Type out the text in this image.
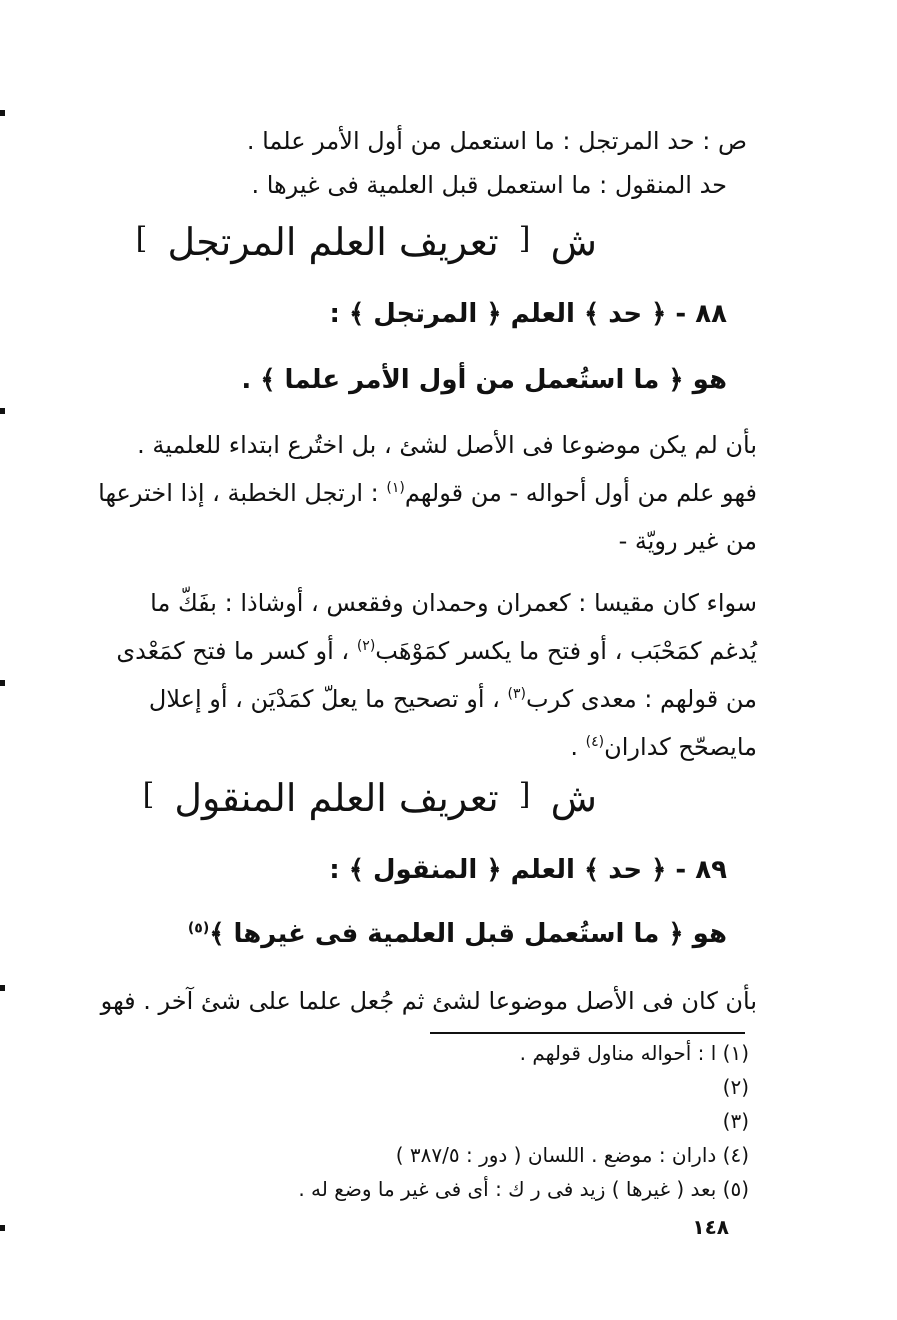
ص : حد المرتجل : ما استعمل من أول الأمر علما .
حد المنقول : ما استعمل قبل العلمية فى غيرها .
ش [ تعريف العلم المرتجل ]
٨٨ - ﴿ حد ﴾ العلم ﴿ المرتجل ﴾ :
هو ﴿ ما استُعمل من أول الأمر علما ﴾ .
بأن لم يكن موضوعا فى الأصل لشئ ، بل اختُرع ابتداء للعلمية .
فهو علم من أول أحواله - من قولهم$^{(١)}$ : ارتجل الخطبة ، إذا اخترعها
من غير رويّة -
سواء كان مقيسا : كعمران وحمدان وفقعس ، أوشاذا : بفَكّ ما
يُدغم كمَحْبَب ، أو فتح ما يكسر كمَوْهَب$^{(٢)}$ ، أو كسر ما فتح كمَعْدى
من قولهم : معدى كرب$^{(٣)}$ ، أو تصحيح ما يعلّ كمَدْيَن ، أو إعلال
مايصحّح كداران$^{(٤)}$ .
ش [ تعريف العلم المنقول ]
٨٩ - ﴿ حد ﴾ العلم ﴿ المنقول ﴾ :
هو ﴿ ما استُعمل قبل العلمية فى غيرها ﴾$^{(٥)}$
بأن كان فى الأصل موضوعا لشئ ثم جُعل علما على شئ آخر . فهو
(١) ا : أحواله مناول قولهم .
(٢)
(٣)
(٤) داران : موضع . اللسان ( دور : ٣٨٧/٥ )
(٥) بعد ( غيرها ) زيد فى ر ك : أى فى غير ما وضع له .
١٤٨
